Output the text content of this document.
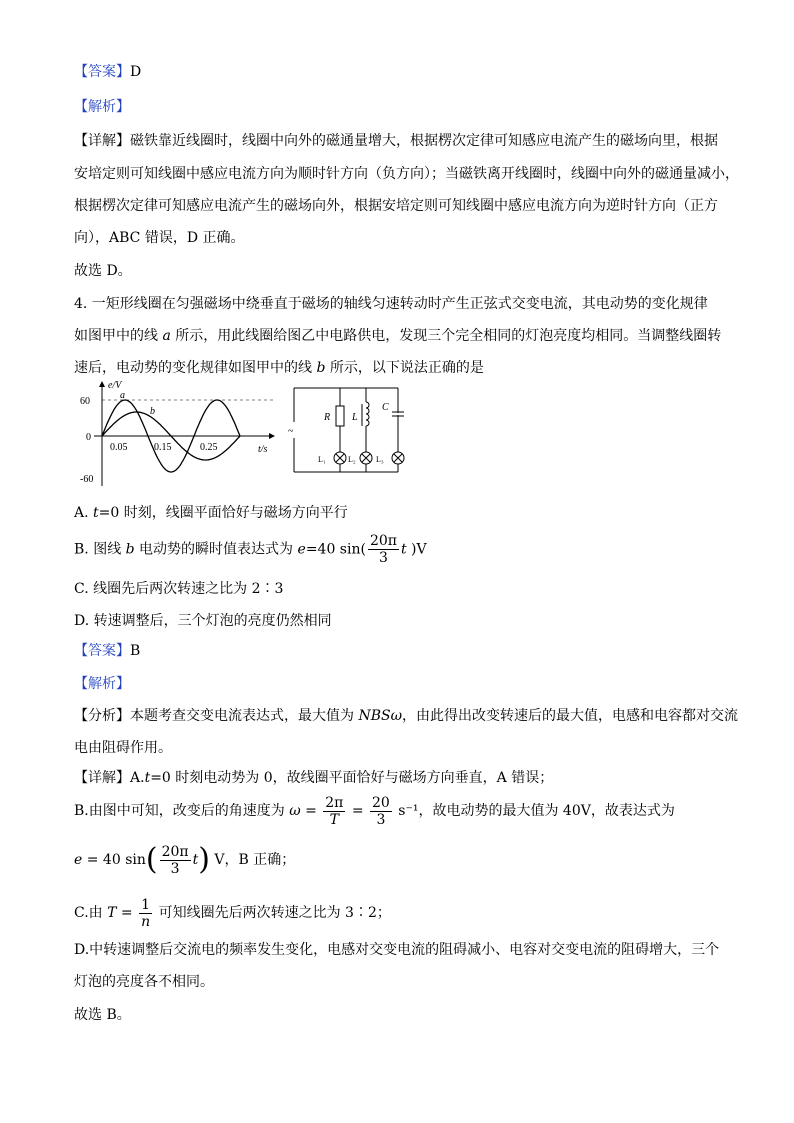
【答案】D
【解析】
【详解】磁铁靠近线圈时，线圈中向外的磁通量增大，根据楞次定律可知感应电流产生的磁场向里，根据
安培定则可知线圈中感应电流方向为顺时针方向（负方向）；当磁铁离开线圈时，线圈中向外的磁通量减小，
根据楞次定律可知感应电流产生的磁场向外，根据安培定则可知线圈中感应电流方向为逆时针方向（正方
向），ABC 错误，D 正确。
故选 D。
4. 一矩形线圈在匀强磁场中绕垂直于磁场的轴线匀速转动时产生正弦式交变电流，其电动势的变化规律
如图甲中的线 a 所示，用此线圈给图乙中电路供电，发现三个完全相同的灯泡亮度均相同。当调整线圈转
速后，电动势的变化规律如图甲中的线 b 所示，以下说法正确的是
e/V
t/s
60
0
-60
0.05	0.15	0.25
a
b
~
R L
C
L₁	L₂	L₃
A. t=0 时刻，线圈平面恰好与磁场方向平行
B. 图线 b 电动势的瞬时值表达式为 e=40 $\sin( \frac{20\pi}{3}$ t )V
C. 线圈先后两次转速之比为 2∶3
D. 转速调整后，三个灯泡的亮度仍然相同
【答案】B
【解析】
【分析】本题考查交变电流表达式，最大值为 NBSω，由此得出改变转速后的最大值，电感和电容都对交流
电由阻碍作用。
【详解】A.t=0 时刻电动势为 0，故线圈平面恰好与磁场方向垂直，A 错误；
B.由图中可知，改变后的角速度为 $\omega = \frac{2\pi}{T} = \frac{20}{3} s^{-1}$，故电动势的最大值为 40V，故表达式为
e = 40 $\sin( \frac{20\pi}{3} t)$ V，B 正确；
C.由 $T = \frac{1}{n}$ 可知线圈先后两次转速之比为 3∶2；
D.中转速调整后交流电的频率发生变化，电感对交变电流的阻碍减小、电容对交变电流的阻碍增大，三个
灯泡的亮度各不相同。
故选 B。
